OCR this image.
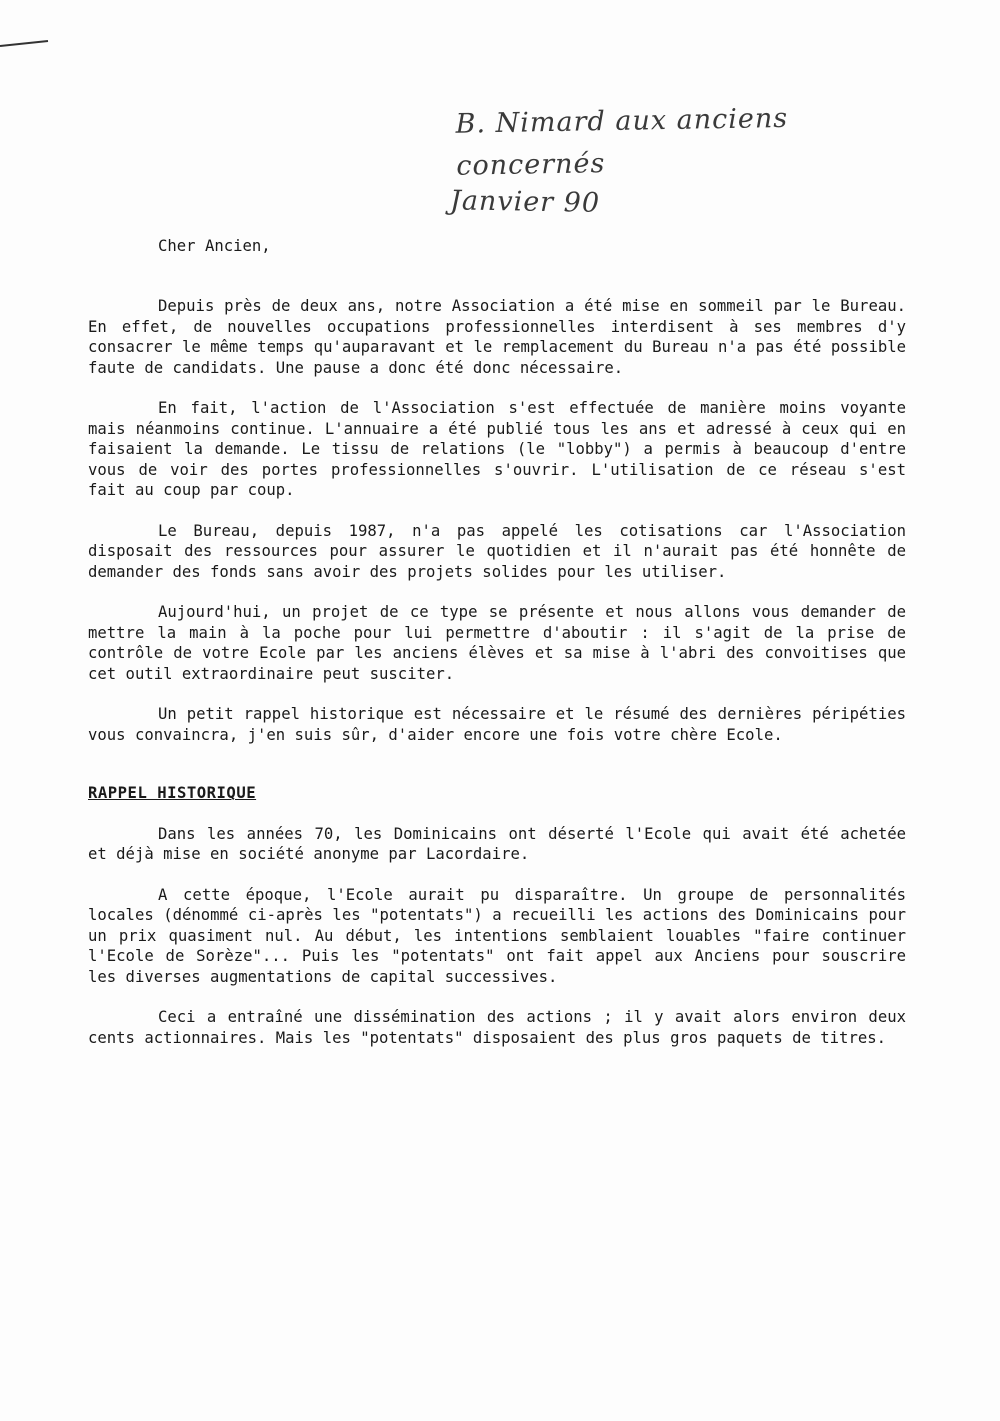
B. Nimard aux anciens concernés
Janvier 90
Cher Ancien,

Depuis près de deux ans, notre Association a été mise en sommeil par le Bureau. En effet, de nouvelles occupations professionnelles interdisent à ses membres d'y consacrer le même temps qu'auparavant et le remplacement du Bureau n'a pas été possible faute de candidats. Une pause a donc été donc nécessaire.

En fait, l'action de l'Association s'est effectuée de manière moins voyante mais néanmoins continue. L'annuaire a été publié tous les ans et adressé à ceux qui en faisaient la demande. Le tissu de relations (le "lobby") a permis à beaucoup d'entre vous de voir des portes professionnelles s'ouvrir. L'utilisation de ce réseau s'est fait au coup par coup.

Le Bureau, depuis 1987, n'a pas appelé les cotisations car l'Association disposait des ressources pour assurer le quotidien et il n'aurait pas été honnête de demander des fonds sans avoir des projets solides pour les utiliser.

Aujourd'hui, un projet de ce type se présente et nous allons vous demander de mettre la main à la poche pour lui permettre d'aboutir : il s'agit de la prise de contrôle de votre Ecole par les anciens élèves et sa mise à l'abri des convoitises que cet outil extraordinaire peut susciter.

Un petit rappel historique est nécessaire et le résumé des dernières péripéties vous convaincra, j'en suis sûr, d'aider encore une fois votre chère Ecole.

RAPPEL HISTORIQUE

Dans les années 70, les Dominicains ont déserté l'Ecole qui avait été achetée et déjà mise en société anonyme par Lacordaire.

A cette époque, l'Ecole aurait pu disparaître. Un groupe de personnalités locales (dénommé ci-après les "potentats") a recueilli les actions des Dominicains pour un prix quasiment nul. Au début, les intentions semblaient louables "faire continuer l'Ecole de Sorèze"... Puis les "potentats" ont fait appel aux Anciens pour souscrire les diverses augmentations de capital successives.

Ceci a entraîné une dissémination des actions ; il y avait alors environ deux cents actionnaires. Mais les "potentats" disposaient des plus gros paquets de titres.
